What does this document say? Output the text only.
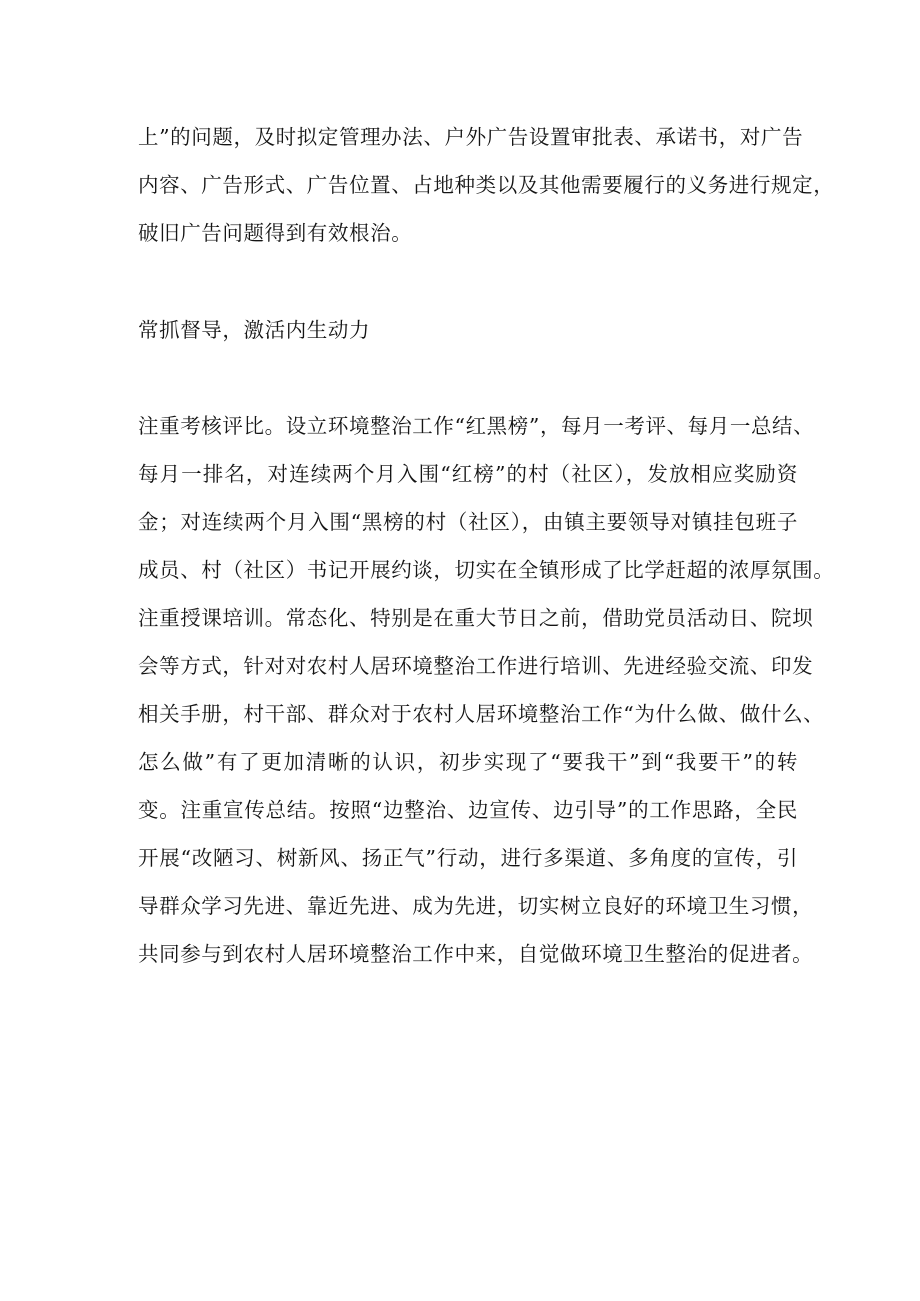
上”的问题，及时拟定管理办法、户外广告设置审批表、承诺书，对广告
内容、广告形式、广告位置、占地种类以及其他需要履行的义务进行规定，
破旧广告问题得到有效根治。
常抓督导，激活内生动力
注重考核评比。设立环境整治工作“红黑榜”，每月一考评、每月一总结、
每月一排名，对连续两个月入围“红榜”的村（社区），发放相应奖励资
金；对连续两个月入围“黑榜的村（社区），由镇主要领导对镇挂包班子
成员、村（社区）书记开展约谈，切实在全镇形成了比学赶超的浓厚氛围。
注重授课培训。常态化、特别是在重大节日之前，借助党员活动日、院坝
会等方式，针对对农村人居环境整治工作进行培训、先进经验交流、印发
相关手册，村干部、群众对于农村人居环境整治工作“为什么做、做什么、
怎么做”有了更加清晰的认识，初步实现了“要我干”到“我要干”的转
变。注重宣传总结。按照“边整治、边宣传、边引导”的工作思路，全民
开展“改陋习、树新风、扬正气”行动，进行多渠道、多角度的宣传，引
导群众学习先进、靠近先进、成为先进，切实树立良好的环境卫生习惯，
共同参与到农村人居环境整治工作中来，自觉做环境卫生整治的促进者。
